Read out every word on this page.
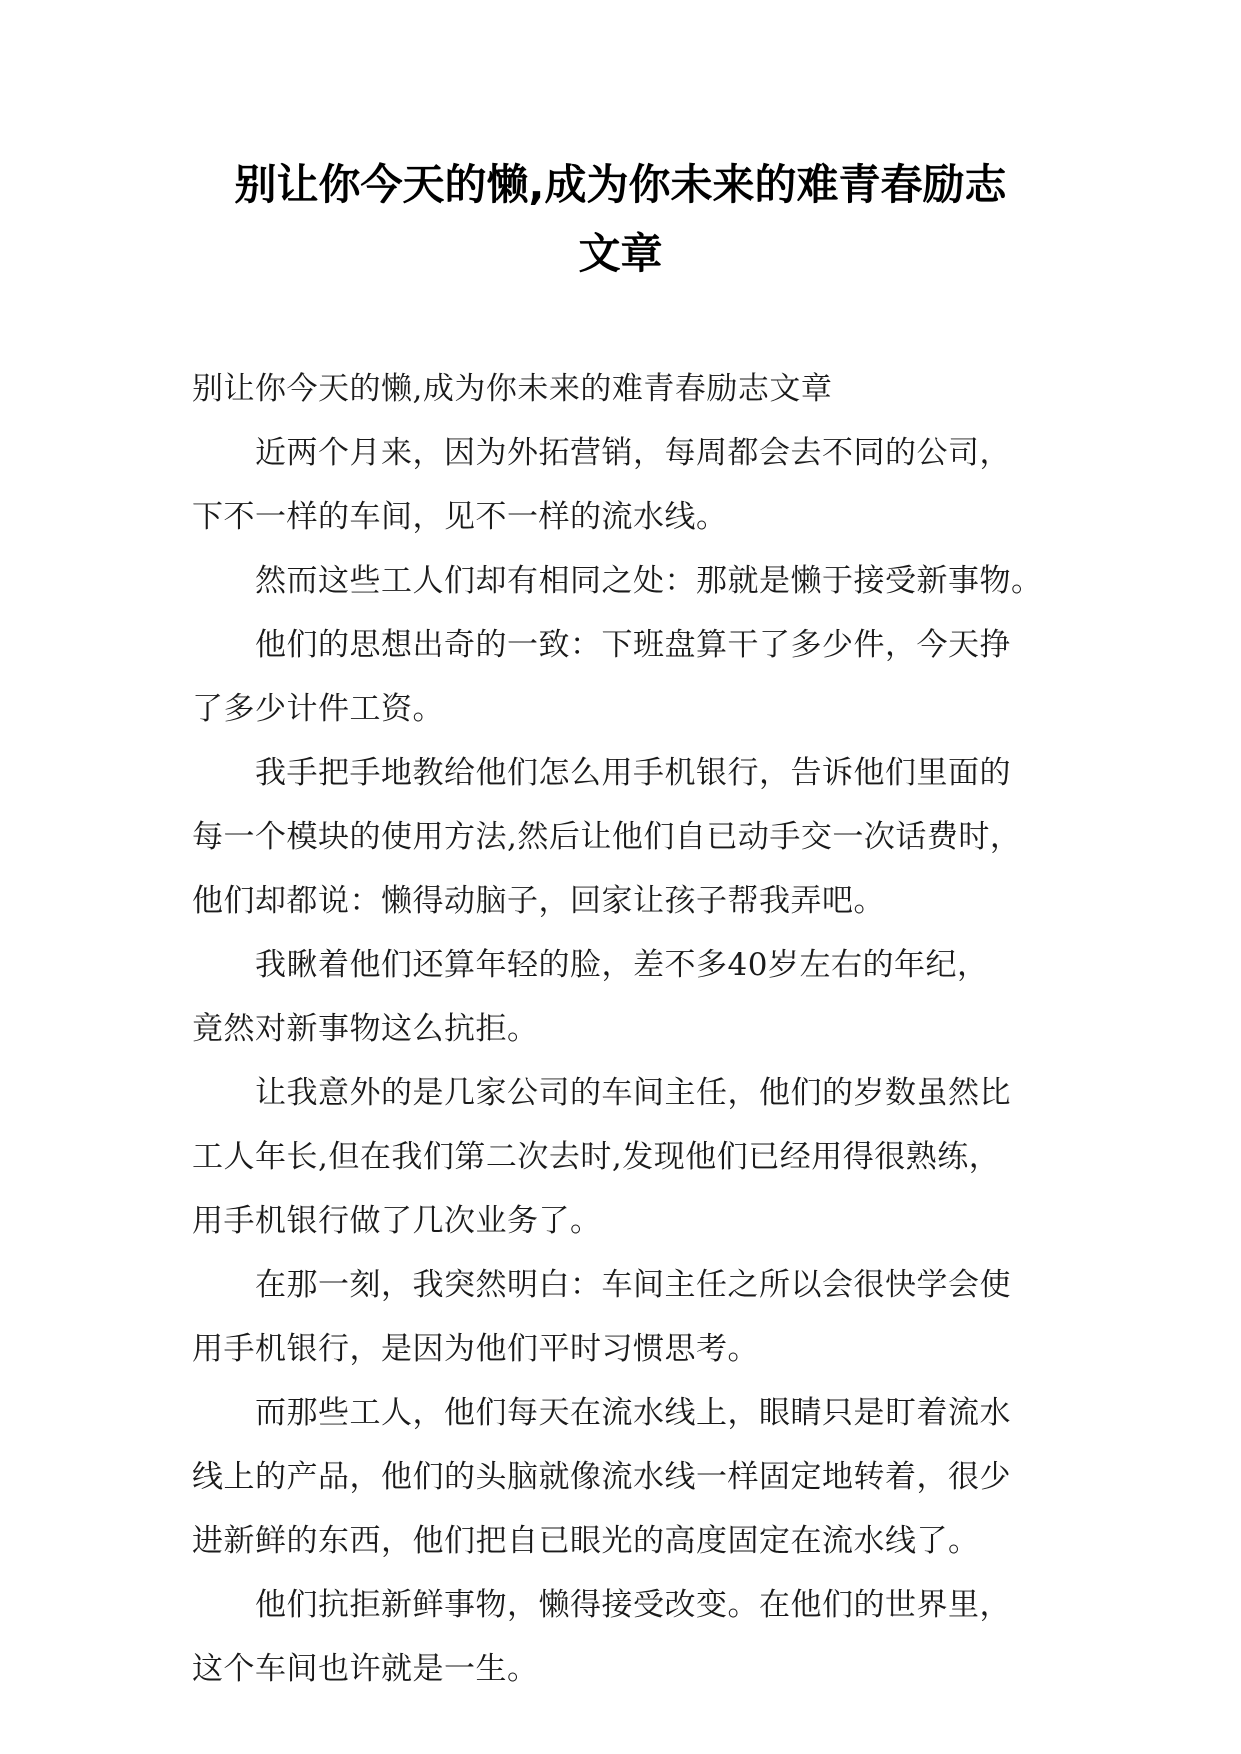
别让你今天的懒,成为你未来的难青春励志
文章

别让你今天的懒,成为你未来的难青春励志文章

近两个月来，因为外拓营销，每周都会去不同的公司，
下不一样的车间，见不一样的流水线。

然而这些工人们却有相同之处：那就是懒于接受新事物。

他们的思想出奇的一致：下班盘算干了多少件，今天挣
了多少计件工资。

我手把手地教给他们怎么用手机银行，告诉他们里面的
每一个模块的使用方法,然后让他们自已动手交一次话费时，
他们却都说：懒得动脑子，回家让孩子帮我弄吧。

我瞅着他们还算年轻的脸，差不多40岁左右的年纪，
竟然对新事物这么抗拒。

让我意外的是几家公司的车间主任，他们的岁数虽然比
工人年长,但在我们第二次去时,发现他们已经用得很熟练，
用手机银行做了几次业务了。

在那一刻，我突然明白：车间主任之所以会很快学会使
用手机银行，是因为他们平时习惯思考。

而那些工人，他们每天在流水线上，眼睛只是盯着流水
线上的产品，他们的头脑就像流水线一样固定地转着，很少
进新鲜的东西，他们把自已眼光的高度固定在流水线了。

他们抗拒新鲜事物，懒得接受改变。在他们的世界里，
这个车间也许就是一生。
